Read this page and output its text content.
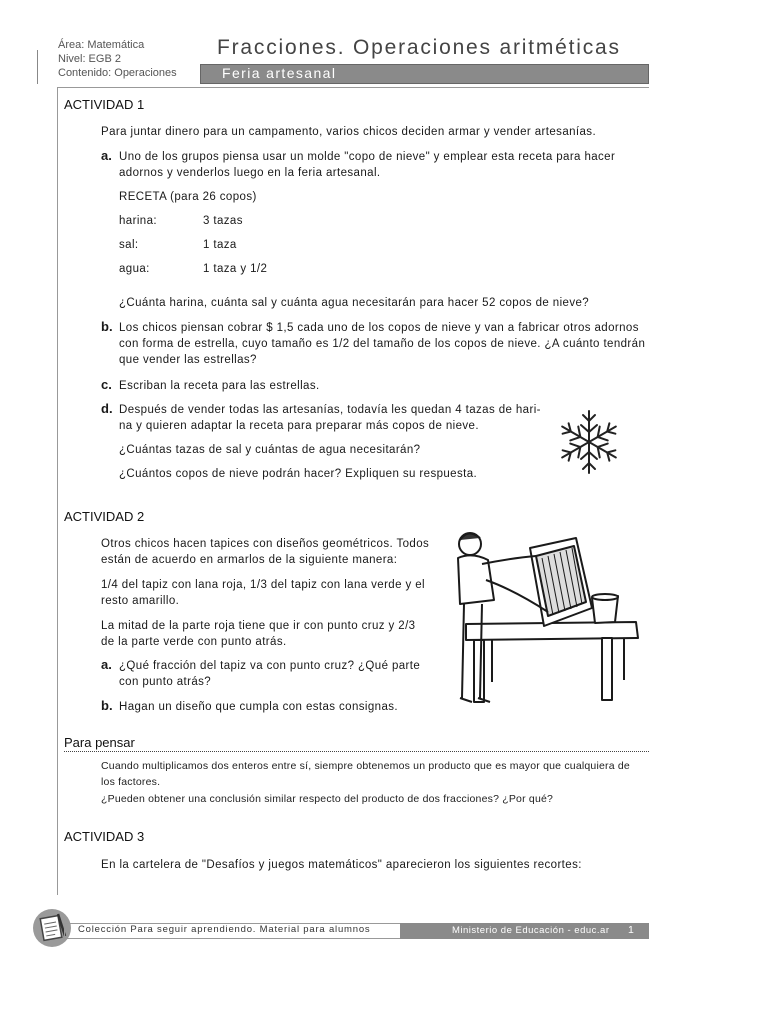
Área: Matemática
Nivel: EGB 2
Contenido: Operaciones
Fracciones. Operaciones aritméticas
Feria artesanal
ACTIVIDAD 1
Para juntar dinero para un campamento, varios chicos deciden armar y vender artesanías.
a. Uno de los grupos piensa usar un molde "copo de nieve" y emplear esta receta para hacer
adornos y venderlos luego en la feria artesanal.
RECETA (para 26 copos)
harina:	3 tazas
sal:	1 taza
agua:	1 taza y 1/2
¿Cuánta harina, cuánta sal y cuánta agua necesitarán para hacer 52 copos de nieve?
b. Los chicos piensan cobrar $ 1,5 cada uno de los copos de nieve y van a fabricar otros adornos
con forma de estrella, cuyo tamaño es 1/2 del tamaño de los copos de nieve. ¿A cuánto tendrán
que vender las estrellas?
c. Escriban la receta para las estrellas.
d. Después de vender todas las artesanías, todavía les quedan 4 tazas de hari-
na y quieren adaptar la receta para preparar más copos de nieve.
¿Cuántas tazas de sal y cuántas de agua necesitarán?
¿Cuántos copos de nieve podrán hacer? Expliquen su respuesta.
ACTIVIDAD 2
Otros chicos hacen tapices con diseños geométricos. Todos
están de acuerdo en armarlos de la siguiente manera:
1/4 del tapiz con lana roja, 1/3 del tapiz con lana verde y el
resto amarillo.
La mitad de la parte roja tiene que ir con punto cruz y 2/3
de la parte verde con punto atrás.
a. ¿Qué fracción del tapiz va con punto cruz? ¿Qué parte
con punto atrás?
b. Hagan un diseño que cumpla con estas consignas.
Para pensar
Cuando multiplicamos dos enteros entre sí, siempre obtenemos un producto que es mayor que cualquiera de
los factores.
¿Pueden obtener una conclusión similar respecto del producto de dos fracciones? ¿Por qué?
ACTIVIDAD 3
En la cartelera de "Desafíos y juegos matemáticos" aparecieron los siguientes recortes:
Colección Para seguir aprendiendo. Material para alumnos	Ministerio de Educación - educ.ar 1
